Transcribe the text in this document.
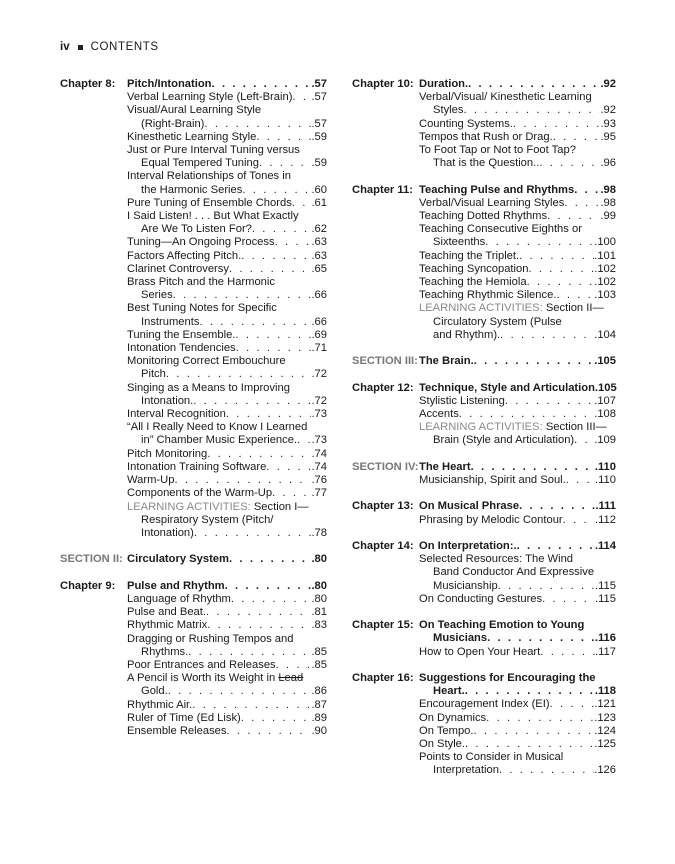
iv CONTENTS
Chapter 8:	Pitch/Intonation . . .	.57
Verbal Learning Style (Left-Brain) . . . .57
Visual/Aural Learning Style
(Right-Brain) . . .	.57
Kinesthetic Learning Style . . .	.59
Just or Pure Interval Tuning versus
Equal Tempered Tuning . . .	.59
Interval Relationships of Tones in
the Harmonic Series . . .	.60
Pure Tuning of Ensemble Chords . . . .61
I Said Listen! . . . But What Exactly
Are We To Listen For? . . .	.62
Tuning—An Ongoing Process . . .	.63
Factors Affecting Pitch. . . .	.63
Clarinet Controversy . . .	.65
Brass Pitch and the Harmonic
Series . . .	.66
Best Tuning Notes for Specific
Instruments . . .	.66
Tuning the Ensemble. . . .	.69
Intonation Tendencies . . .	.71
Monitoring Correct Embouchure
Pitch . . .	.72
Singing as a Means to Improving
Intonation. . . .	.72
Interval Recognition . . .	.73
“All I Really Need to Know I Learned
in” Chamber Music Experience. . . . .73
Pitch Monitoring . . .	.74
Intonation Training Software . . .	.74
Warm-Up . . .	.76
Components of the Warm-Up . . .	.77
LEARNING ACTIVITIES: Section I—
Respiratory System (Pitch/
Intonation) . . .	.78
SECTION II: Circulatory System . . .	.80
Chapter 9:	Pulse and Rhythm . . .	.80
Language of Rhythm . . .	.80
Pulse and Beat. . . .	.81
Rhythmic Matrix . . .	.83
Dragging or Rushing Tempos and
Rhythms. . . .	.85
Poor Entrances and Releases . . .	.85
A Pencil is Worth its Weight in Lead
Gold. . . .	.86
Rhythmic Air. . . .	.87
Ruler of Time (Ed Lisk) . . .	.89
Ensemble Releases . . .	.90
Chapter 10: Duration. . . .	.92
Verbal/Visual/ Kinesthetic Learning
Styles . . .	.92
Counting Systems. . . .	.93
Tempos that Rush or Drag. . . .	.95
To Foot Tap or Not to Foot Tap?
That is the Question.. . . .	.96
Chapter 11: Teaching Pulse and Rhythms . . . .98
Verbal/Visual Learning Styles . . .	.98
Teaching Dotted Rhythms . . .	.99
Teaching Consecutive Eighths or
Sixteenths . . .	.100
Teaching the Triplet. . . .	.101
Teaching Syncopation . . .	.102
Teaching the Hemiola . . .	.102
Teaching Rhythmic Silence. . . .	.103
LEARNING ACTIVITIES: Section II—
Circulatory System (Pulse
and Rhythm). . . .	.104
SECTION III: The Brain. . . .	.105
Chapter 12: Technique, Style and Articulation .105
Stylistic Listening . . .	.107
Accents . . .	.108
LEARNING ACTIVITIES: Section III—
Brain (Style and Articulation) . . . .109
SECTION IV: The Heart . . .	.110
Musicianship, Spirit and Soul. . . .	.110
Chapter 13: On Musical Phrase . . .	.111
Phrasing by Melodic Contour . . .	.112
Chapter 14: On Interpretation:. . . .	.114
Selected Resources: The Wind
Band Conductor And Expressive
Musicianship . . .	.115
On Conducting Gestures . . .	.115
Chapter 15: On Teaching Emotion to Young
Musicians . . .	.116
How to Open Your Heart . . .	.117
Chapter 16: Suggestions for Encouraging the
Heart. . . .	.118
Encouragement Index (EI) . . .	.121
On Dynamics . . .	.123
On Tempo. . . .	.124
On Style. . . .	.125
Points to Consider in Musical
Interpretation . . .	.126
